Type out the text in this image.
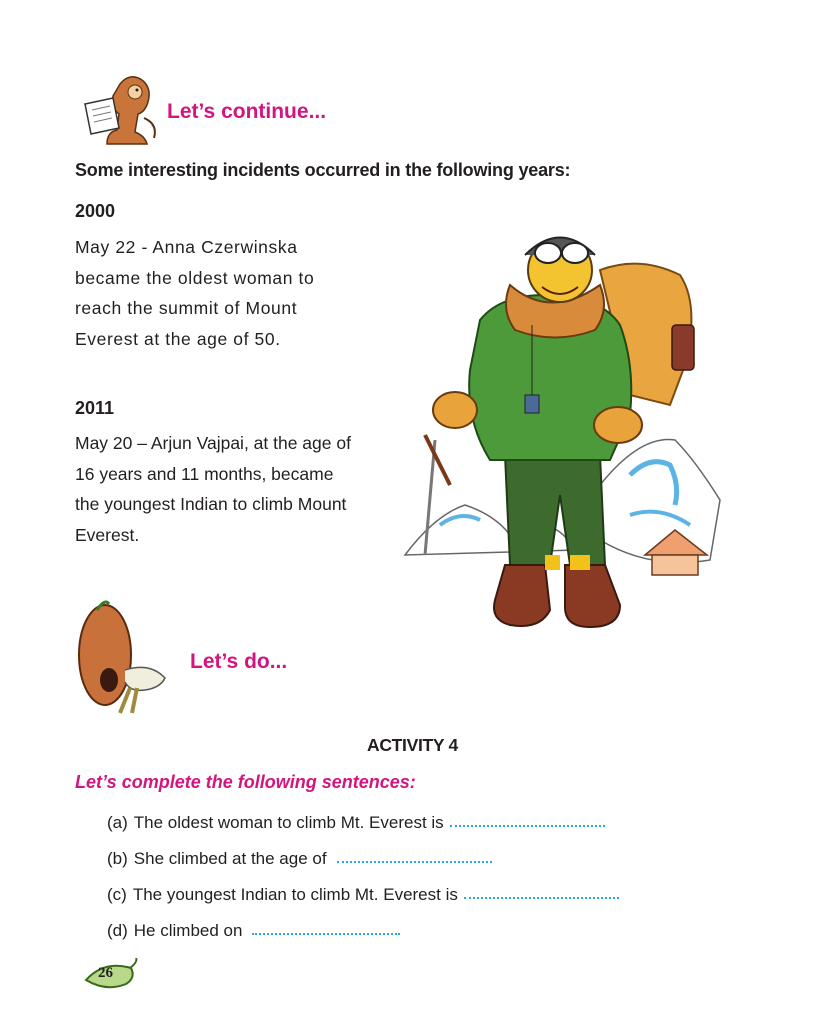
Let’s continue...
Some interesting incidents occurred in the following years:
2000
May 22 - Anna Czerwinska became the oldest woman to reach the summit of Mount Everest at the age of 50.
2011
May 20 – Arjun Vajpai, at the age of 16 years and 11 months, became the youngest Indian to climb Mount Everest.
Let’s do...
ACTIVITY 4
Let’s complete the following sentences:
(a) The oldest woman to climb Mt. Everest is
(b) She climbed at the age of
(c) The youngest Indian to climb Mt. Everest is
(d) He climbed on
26
